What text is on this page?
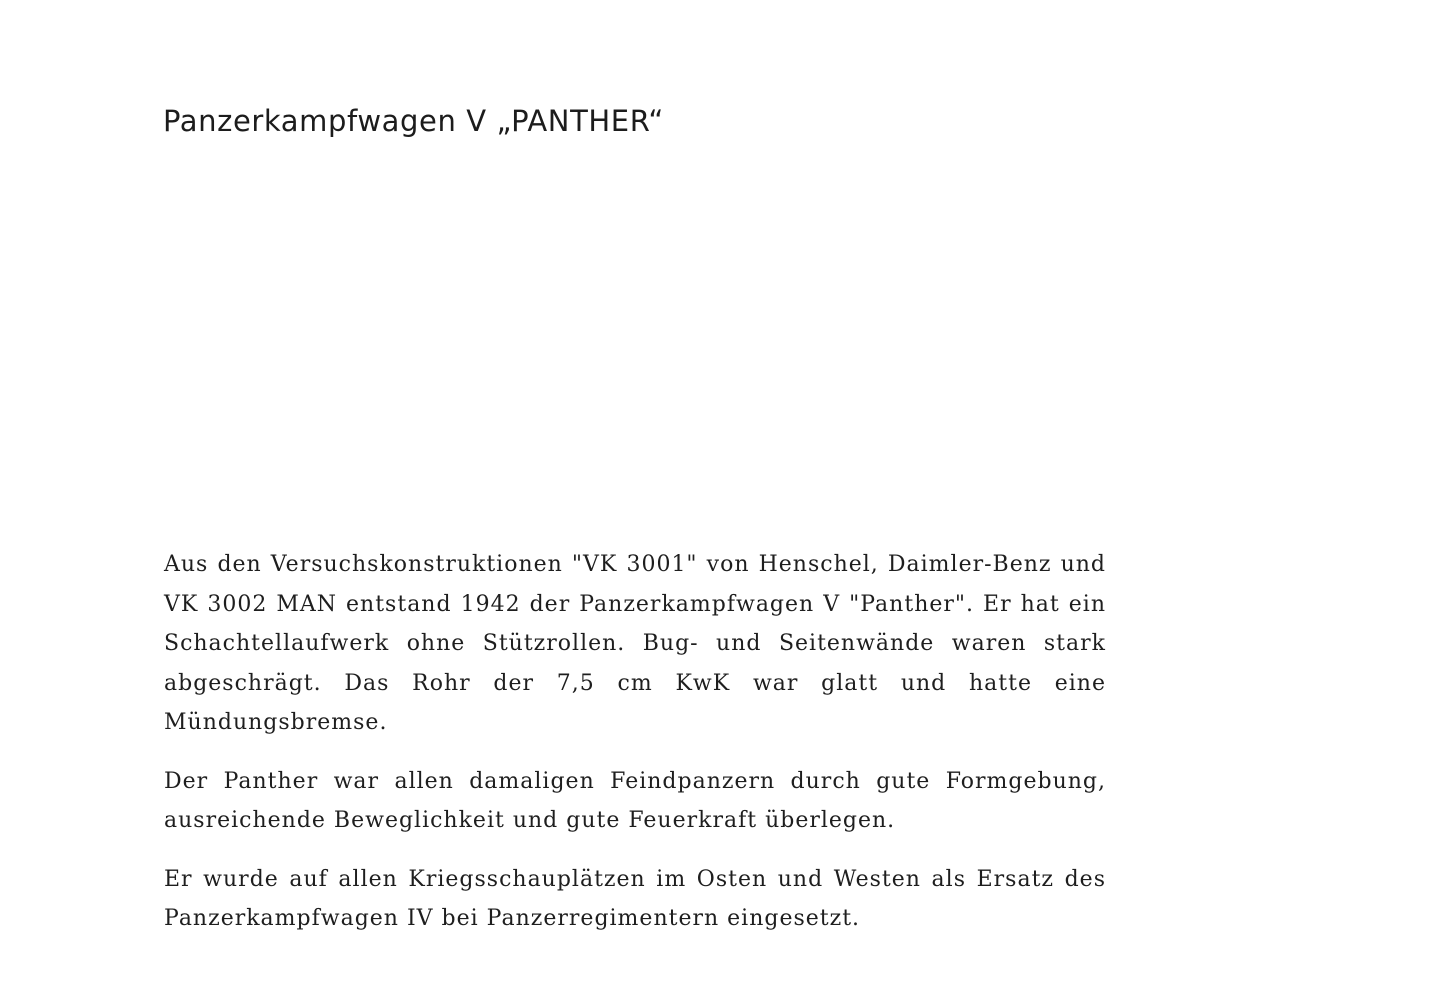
Panzerkampfwagen V „PANTHER“

Aus den Versuchskonstruktionen "VK 3001" von Henschel, Daimler-Benz und VK 3002 MAN entstand 1942 der Panzerkampfwagen V "Panther". Er hat ein Schachtellaufwerk ohne Stützrollen. Bug- und Seitenwände waren stark abgeschrägt. Das Rohr der 7,5 cm KwK war glatt und hatte eine Mündungsbremse.

Der Panther war allen damaligen Feindpanzern durch gute Formgebung, ausreichende Beweglichkeit und gute Feuerkraft überlegen.

Er wurde auf allen Kriegsschauplätzen im Osten und Westen als Ersatz des Panzerkampfwagen IV bei Panzerregimentern eingesetzt.
